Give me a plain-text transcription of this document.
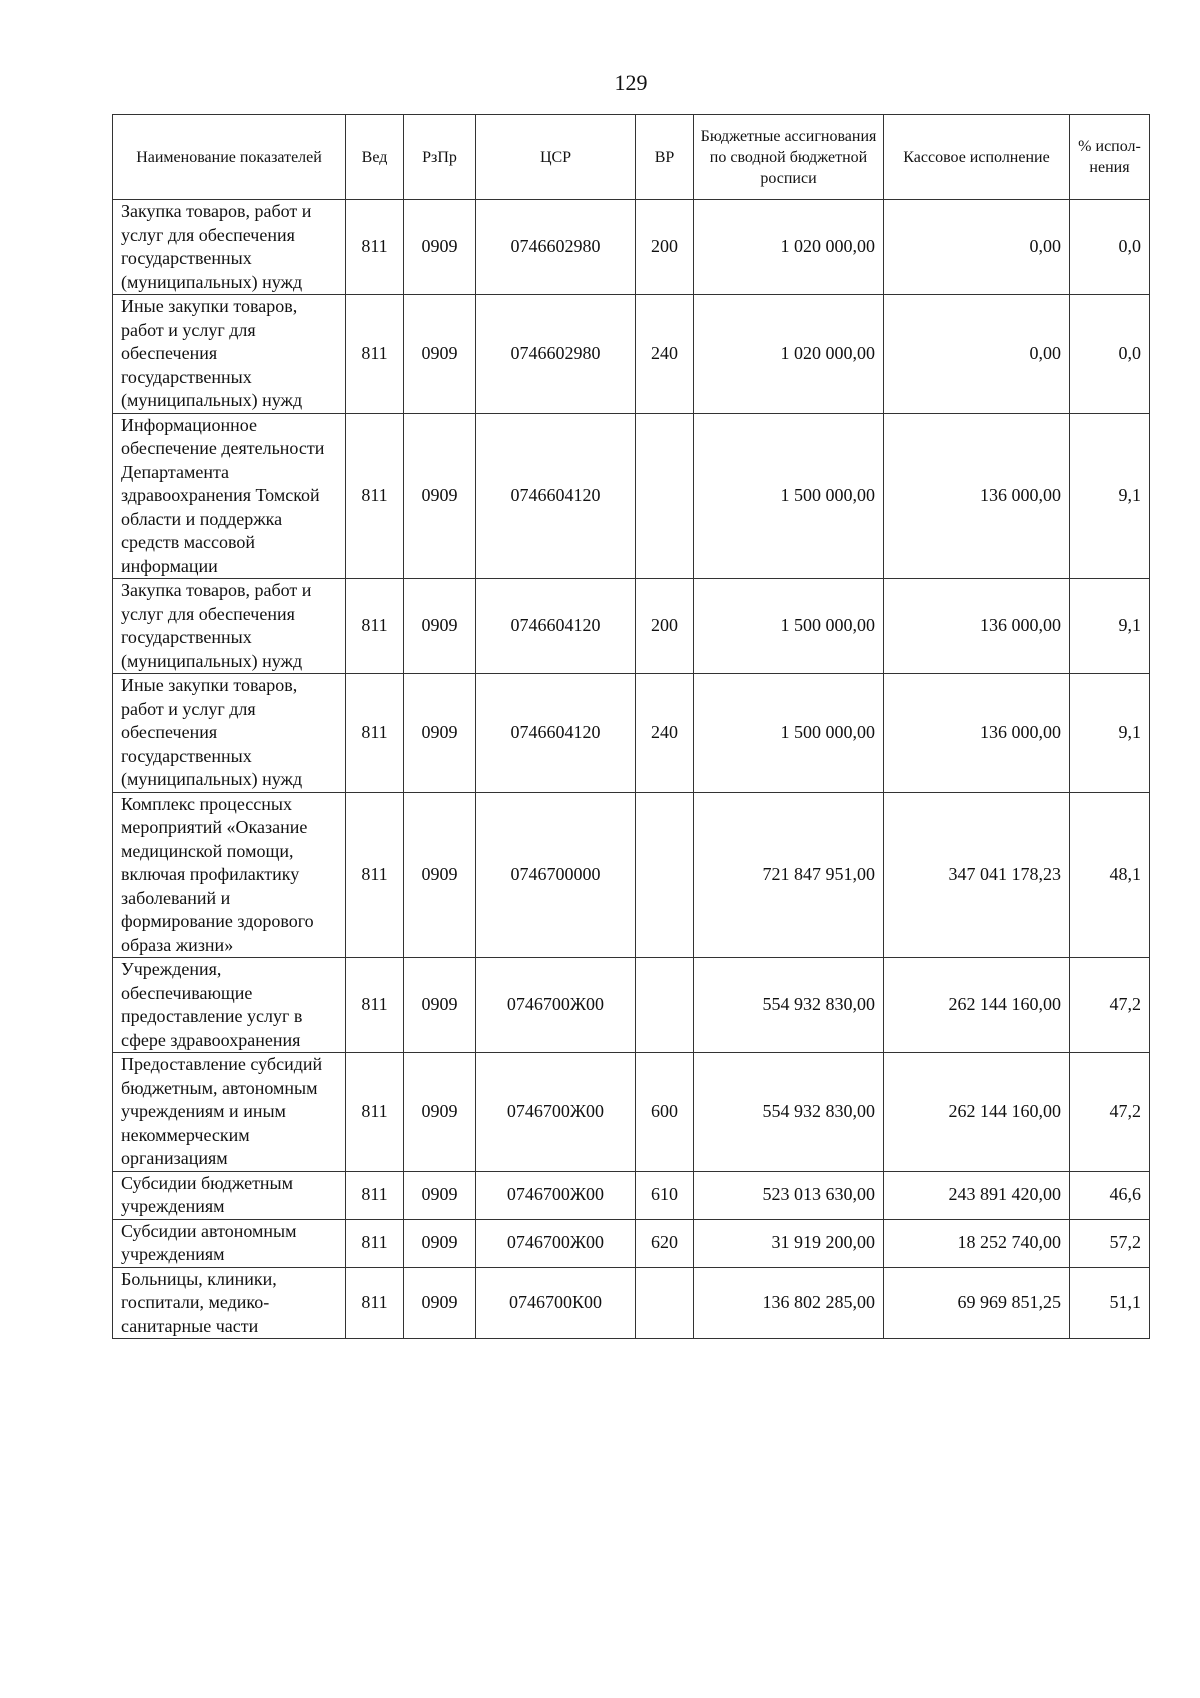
129
Наименование показателей	Вед	РзПр	ЦСР	ВР	Бюджетные ассигнования по сводной бюджетной росписи	Кассовое исполнение	% испол-нения
Закупка товаров, работ и услуг для обеспечения государственных (муниципальных) нужд	811	0909	0746602980	200	1 020 000,00	0,00	0,0
Иные закупки товаров, работ и услуг для обеспечения государственных (муниципальных) нужд	811	0909	0746602980	240	1 020 000,00	0,00	0,0
Информационное обеспечение деятельности Департамента здравоохранения Томской области и поддержка средств массовой информации	811	0909	0746604120		1 500 000,00	136 000,00	9,1
Закупка товаров, работ и услуг для обеспечения государственных (муниципальных) нужд	811	0909	0746604120	200	1 500 000,00	136 000,00	9,1
Иные закупки товаров, работ и услуг для обеспечения государственных (муниципальных) нужд	811	0909	0746604120	240	1 500 000,00	136 000,00	9,1
Комплекс процессных мероприятий «Оказание медицинской помощи, включая профилактику заболеваний и формирование здорового образа жизни»	811	0909	0746700000		721 847 951,00	347 041 178,23	48,1
Учреждения, обеспечивающие предоставление услуг в сфере здравоохранения	811	0909	0746700Ж00		554 932 830,00	262 144 160,00	47,2
Предоставление субсидий бюджетным, автономным учреждениям и иным некоммерческим организациям	811	0909	0746700Ж00	600	554 932 830,00	262 144 160,00	47,2
Субсидии бюджетным учреждениям	811	0909	0746700Ж00	610	523 013 630,00	243 891 420,00	46,6
Субсидии автономным учреждениям	811	0909	0746700Ж00	620	31 919 200,00	18 252 740,00	57,2
Больницы, клиники, госпитали, медико-санитарные части	811	0909	0746700К00		136 802 285,00	69 969 851,25	51,1
